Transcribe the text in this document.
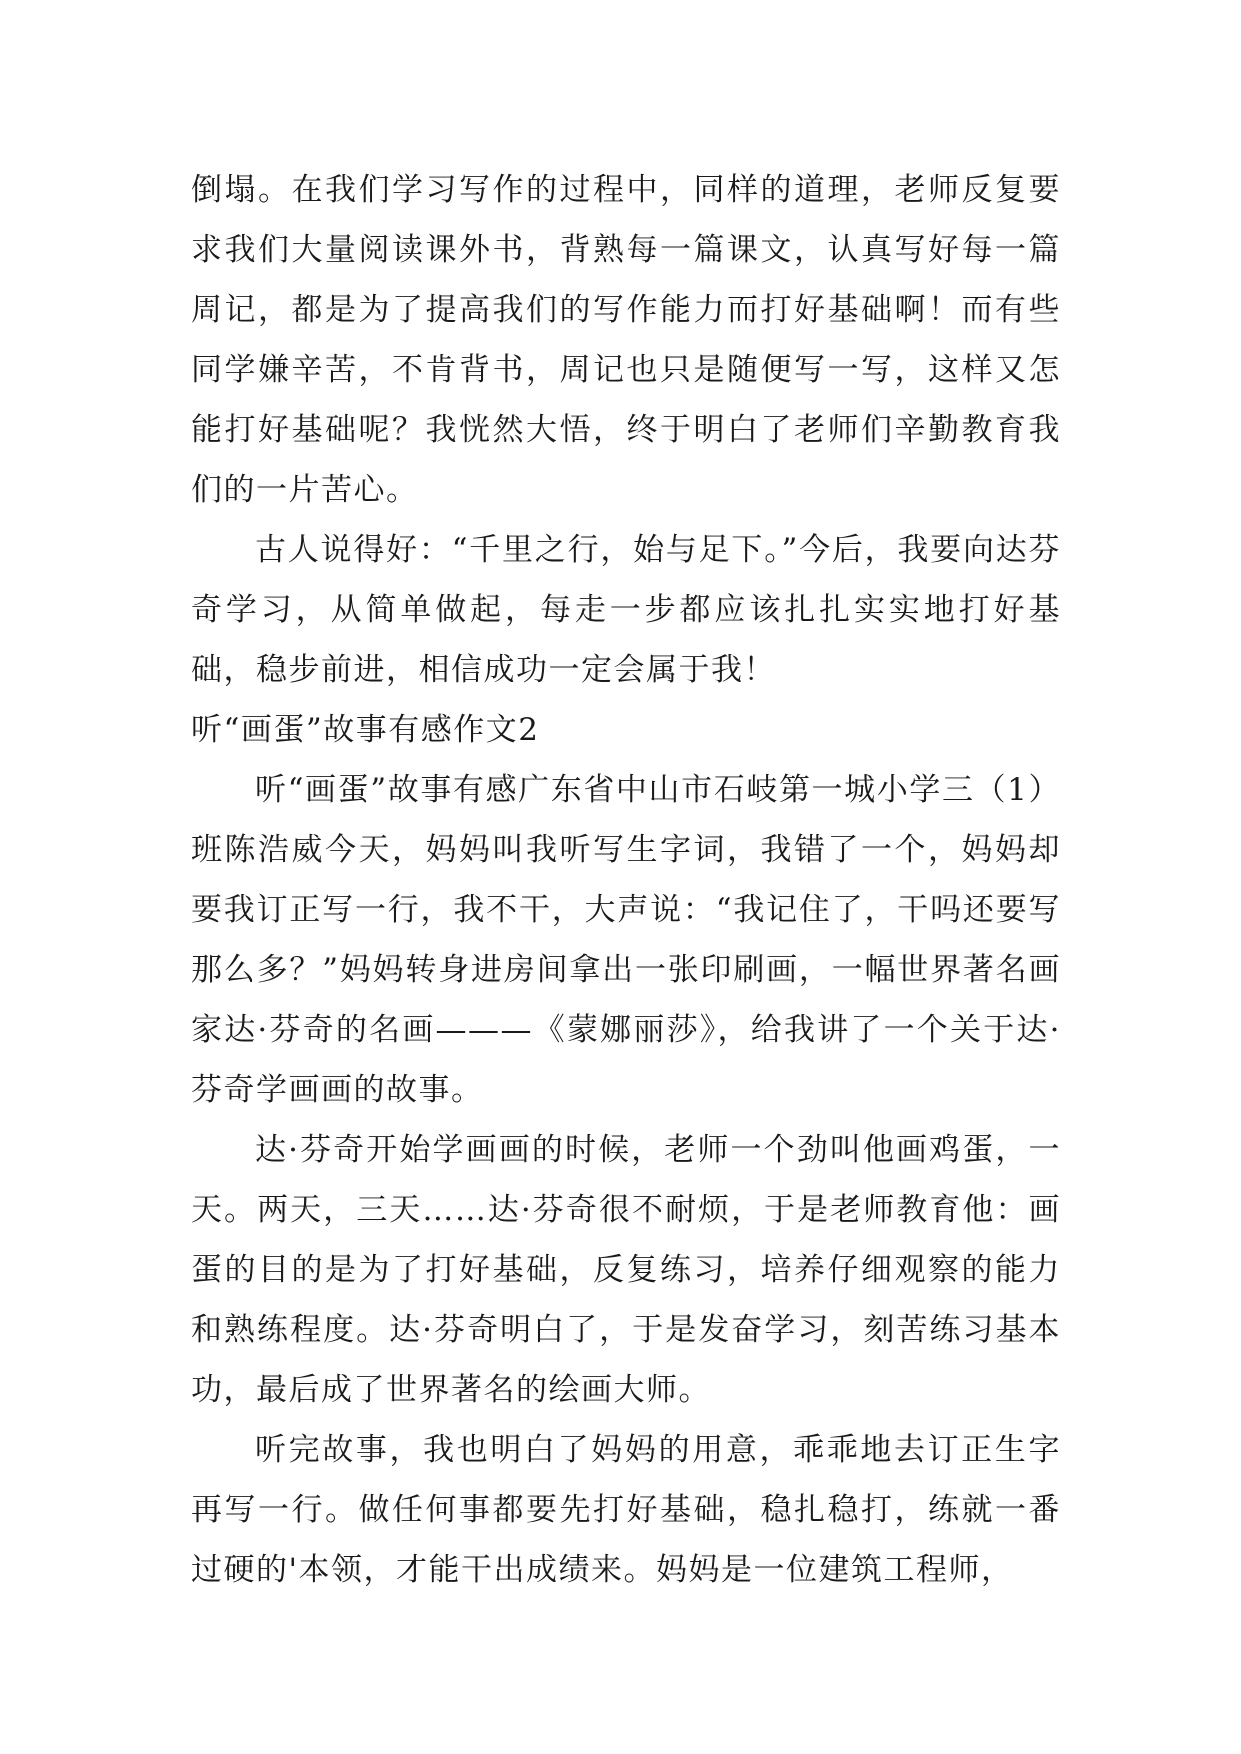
倒塌。在我们学习写作的过程中，同样的道理，老师反复要求我们大量阅读课外书，背熟每一篇课文，认真写好每一篇周记，都是为了提高我们的写作能力而打好基础啊！而有些同学嫌辛苦，不肯背书，周记也只是随便写一写，这样又怎能打好基础呢？我恍然大悟，终于明白了老师们辛勤教育我们的一片苦心。

古人说得好：“千里之行，始与足下。”今后，我要向达芬奇学习，从简单做起，每走一步都应该扎扎实实地打好基础，稳步前进，相信成功一定会属于我！

听“画蛋”故事有感作文2

听“画蛋”故事有感广东省中山市石岐第一城小学三（1）班陈浩威今天，妈妈叫我听写生字词，我错了一个，妈妈却要我订正写一行，我不干，大声说：“我记住了，干吗还要写那么多？”妈妈转身进房间拿出一张印刷画，一幅世界著名画家达·芬奇的名画———《蒙娜丽莎》，给我讲了一个关于达·芬奇学画画的故事。

达·芬奇开始学画画的时候，老师一个劲叫他画鸡蛋，一天。两天，三天……达·芬奇很不耐烦，于是老师教育他：画蛋的目的是为了打好基础，反复练习，培养仔细观察的能力和熟练程度。达·芬奇明白了，于是发奋学习，刻苦练习基本功，最后成了世界著名的绘画大师。

听完故事，我也明白了妈妈的用意，乖乖地去订正生字再写一行。做任何事都要先打好基础，稳扎稳打，练就一番过硬的'本领，才能干出成绩来。妈妈是一位建筑工程师，
